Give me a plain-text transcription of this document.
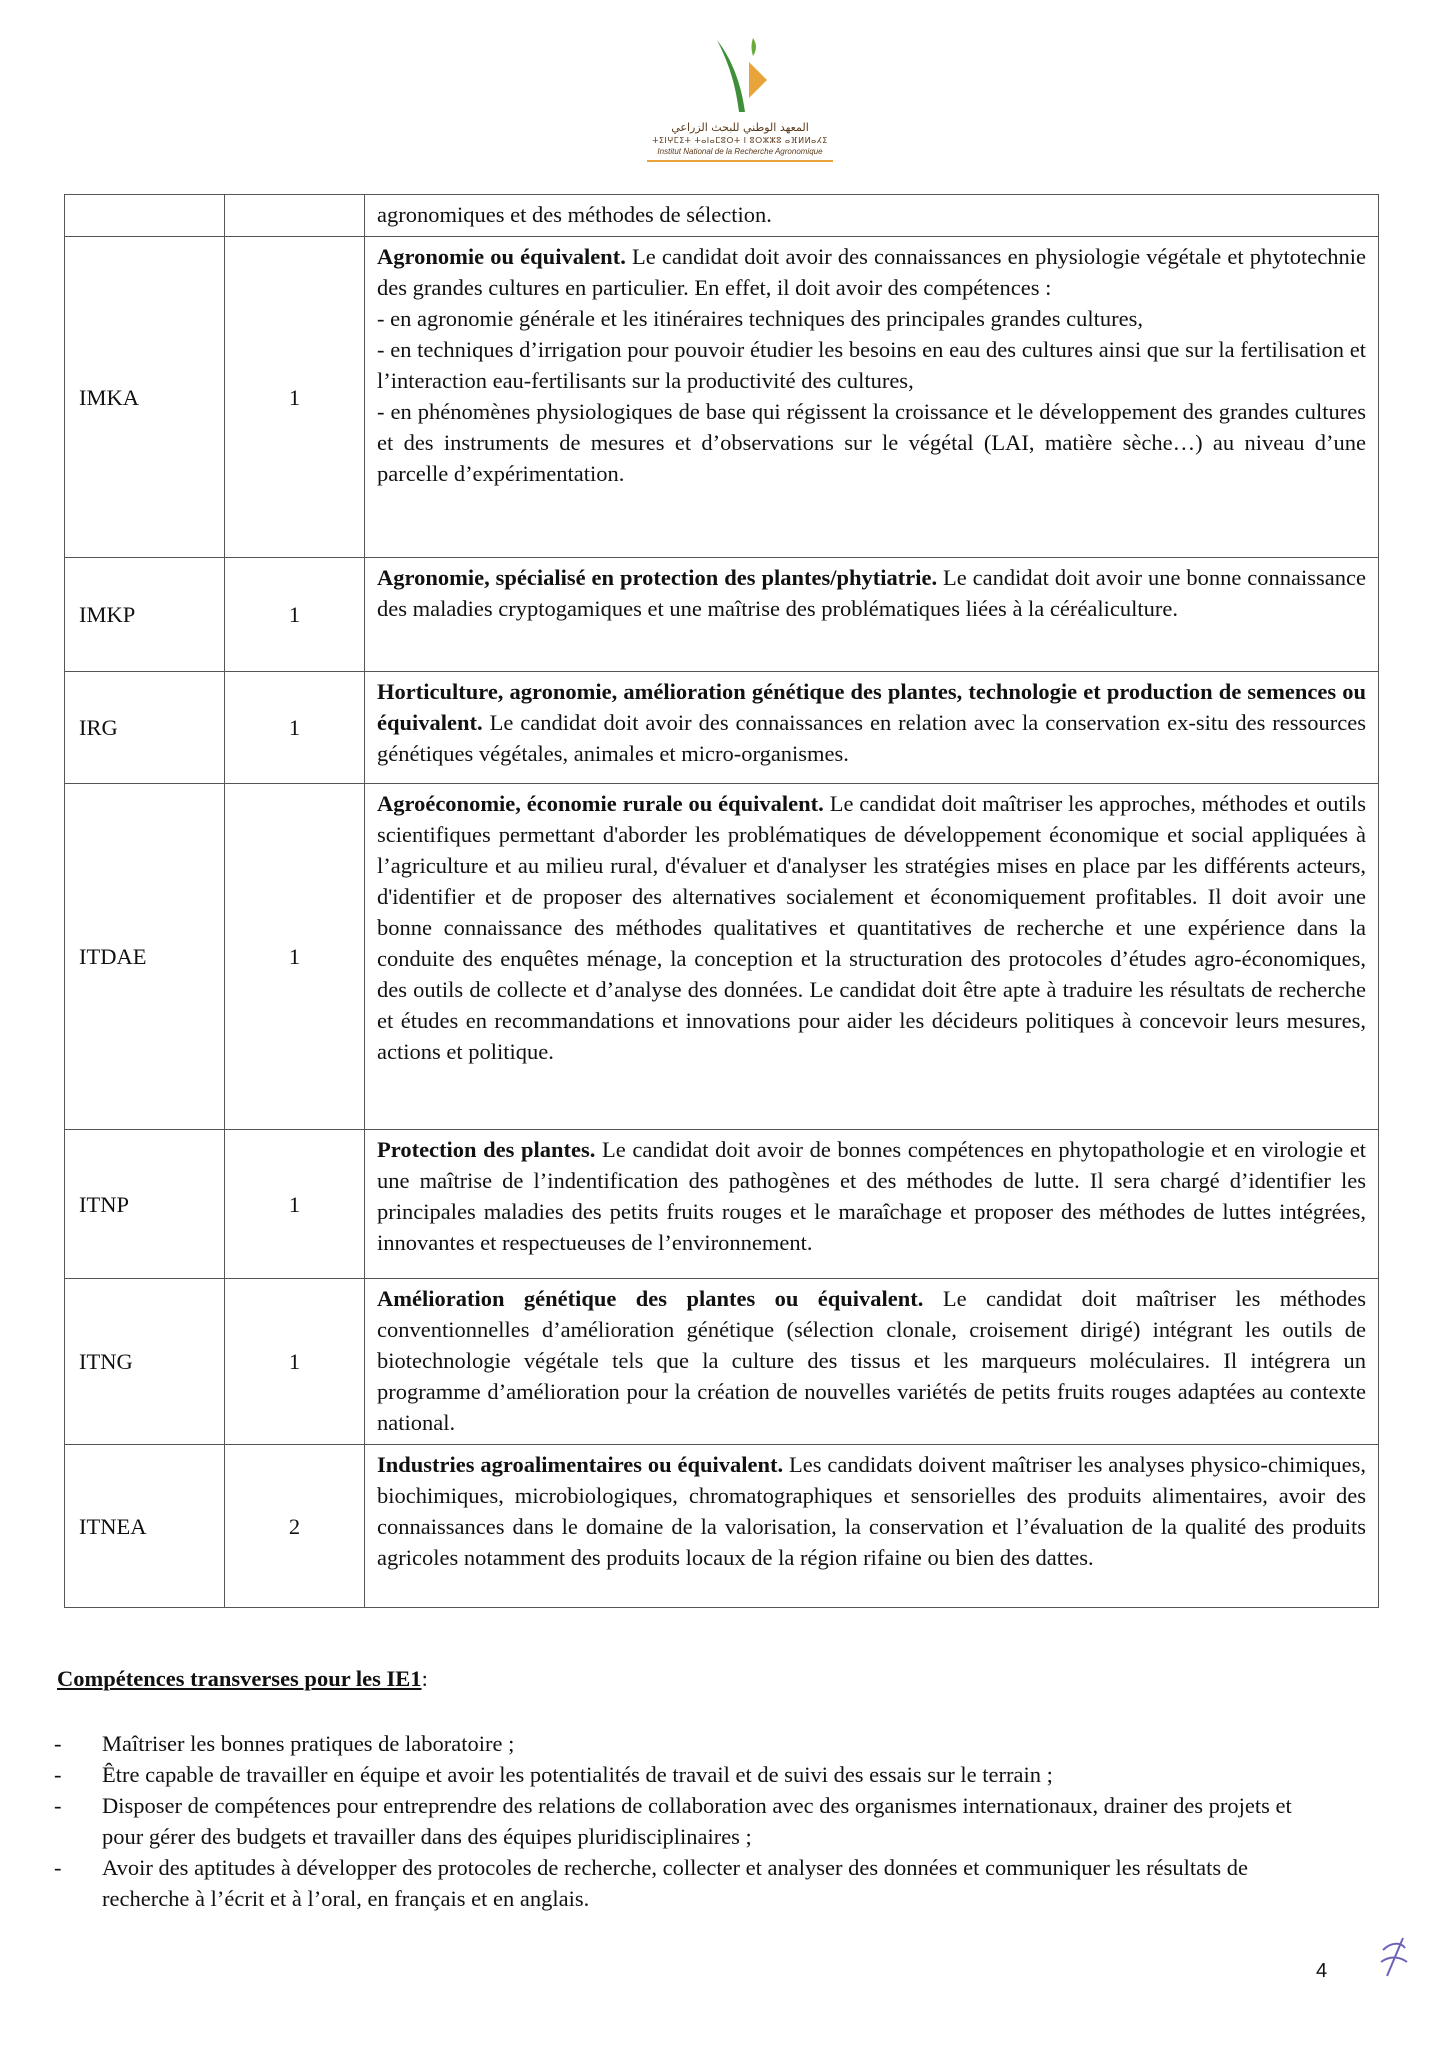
المعهد الوطني للبحث الزراعي
ⵜⵉⵏⵖⵎⵉⵜ ⵜⴰⵏⴰⵎⵓⵔⵜ ⵏ ⵓⵔⵣⵣⵓ ⴰⴼⵍⵍⴰⵃⵉ
Institut National de la Recherche Agronomique
		agronomiques et des méthodes de sélection.
IMKA	1	Agronomie ou équivalent. Le candidat doit avoir des connaissances en physiologie végétale et phytotechnie des grandes cultures en particulier. En effet, il doit avoir des compétences :
- en agronomie générale et les itinéraires techniques des principales grandes cultures,
- en techniques d’irrigation pour pouvoir étudier les besoins en eau des cultures ainsi que sur la fertilisation et l’interaction eau-fertilisants sur la productivité des cultures,
- en phénomènes physiologiques de base qui régissent la croissance et le développement des grandes cultures et des instruments de mesures et d’observations sur le végétal (LAI, matière sèche…) au niveau d’une parcelle d’expérimentation.

IMKP	1	Agronomie, spécialisé en protection des plantes/phytiatrie. Le candidat doit avoir une bonne connaissance des maladies cryptogamiques et une maîtrise des problématiques liées à la céréaliculture.
IRG	1	Horticulture, agronomie, amélioration génétique des plantes, technologie et production de semences ou équivalent. Le candidat doit avoir des connaissances en relation avec la conservation ex-situ des ressources génétiques végétales, animales et micro-organismes.
ITDAE	1	Agroéconomie, économie rurale ou équivalent. Le candidat doit maîtriser les approches, méthodes et outils scientifiques permettant d'aborder les problématiques de développement économique et social appliquées à l’agriculture et au milieu rural, d'évaluer et d'analyser les stratégies mises en place par les différents acteurs, d'identifier et de proposer des alternatives socialement et économiquement profitables. Il doit avoir une bonne connaissance des méthodes qualitatives et quantitatives de recherche et une expérience dans la conduite des enquêtes ménage, la conception et la structuration des protocoles d’études agro-économiques, des outils de collecte et d’analyse des données. Le candidat doit être apte à traduire les résultats de recherche et études en recommandations et innovations pour aider les décideurs politiques à concevoir leurs mesures, actions et politique.
ITNP	1	Protection des plantes. Le candidat doit avoir de bonnes compétences en phytopathologie et en virologie et une maîtrise de l’indentification des pathogènes et des méthodes de lutte. Il sera chargé d’identifier les principales maladies des petits fruits rouges et le maraîchage et proposer des méthodes de luttes intégrées, innovantes et respectueuses de l’environnement.
ITNG	1	Amélioration génétique des plantes ou équivalent. Le candidat doit maîtriser les méthodes conventionnelles d’amélioration génétique (sélection clonale, croisement dirigé) intégrant les outils de biotechnologie végétale tels que la culture des tissus et les marqueurs moléculaires. Il intégrera un programme d’amélioration pour la création de nouvelles variétés de petits fruits rouges adaptées au contexte national.
ITNEA	2	Industries agroalimentaires ou équivalent. Les candidats doivent maîtriser les analyses physico-chimiques, biochimiques, microbiologiques, chromatographiques et sensorielles des produits alimentaires, avoir des connaissances dans le domaine de la valorisation, la conservation et l’évaluation de la qualité des produits agricoles notamment des produits locaux de la région rifaine ou bien des dattes.
Compétences transverses pour les IE1:
- Maîtriser les bonnes pratiques de laboratoire ;
- Être capable de travailler en équipe et avoir les potentialités de travail et de suivi des essais sur le terrain ;
- Disposer de compétences pour entreprendre des relations de collaboration avec des organismes internationaux, drainer des projets et pour gérer des budgets et travailler dans des équipes pluridisciplinaires ;
- Avoir des aptitudes à développer des protocoles de recherche, collecter et analyser des données et communiquer les résultats de recherche à l’écrit et à l’oral, en français et en anglais.
4
